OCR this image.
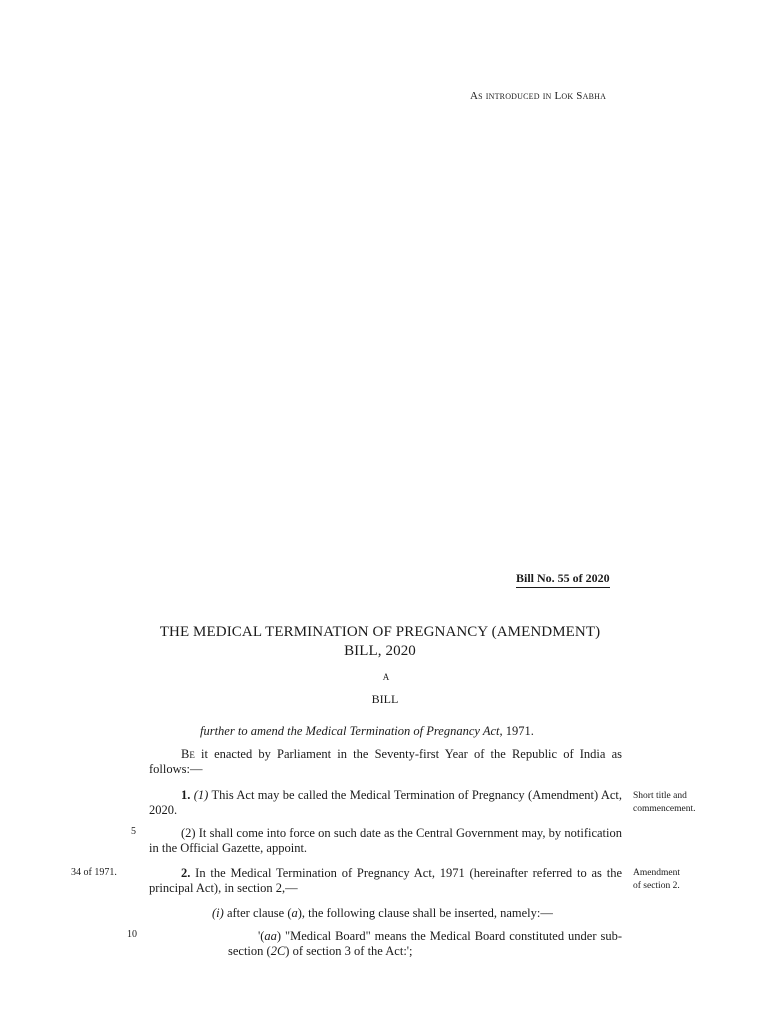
As introduced in Lok Sabha
Bill No. 55 of 2020
THE MEDICAL TERMINATION OF PREGNANCY (AMENDMENT)
BILL, 2020
A
BILL
further to amend the Medical Termination of Pregnancy Act, 1971.
Be it enacted by Parliament in the Seventy-first Year of the Republic of India as follows:—
1. (1) This Act may be called the Medical Termination of Pregnancy (Amendment) Act, 2020.
Short title and
commencement.
5	(2) It shall come into force on such date as the Central Government may, by notification in the Official Gazette, appoint.
34 of 1971.	2. In the Medical Termination of Pregnancy Act, 1971 (hereinafter referred to as the principal Act), in section 2,—
Amendment
of section 2.
(i) after clause (a), the following clause shall be inserted, namely:—
10	'(aa) "Medical Board" means the Medical Board constituted under sub-section (2C) of section 3 of the Act:';
